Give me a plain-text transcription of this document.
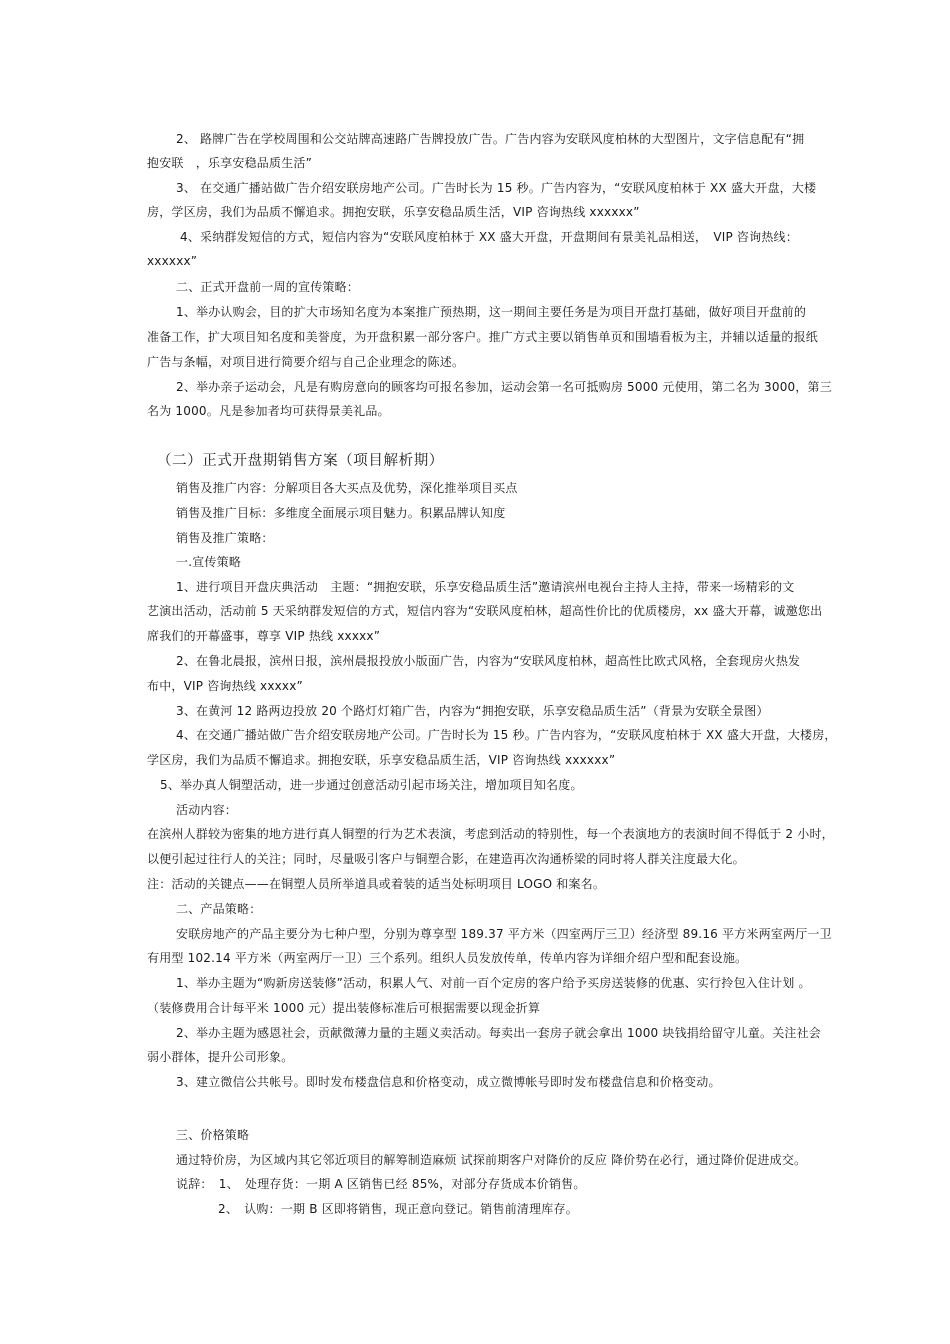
2、 路牌广告在学校周围和公交站牌高速路广告牌投放广告。广告内容为安联风度柏林的大型图片，文字信息配有“拥
抱安联　，乐享安稳品质生活”
3、 在交通广播站做广告介绍安联房地产公司。广告时长为 15 秒。广告内容为，“安联风度柏林于 XX 盛大开盘，大楼
房，学区房，我们为品质不懈追求。拥抱安联，乐享安稳品质生活，VIP 咨询热线 xxxxxx”
4、采纳群发短信的方式，短信内容为“安联风度柏林于 XX 盛大开盘，开盘期间有景美礼品相送，　VIP 咨询热线：
xxxxxx”
二、正式开盘前一周的宣传策略：
1、举办认购会，目的扩大市场知名度为本案推广预热期，这一期间主要任务是为项目开盘打基础，做好项目开盘前的
准备工作，扩大项目知名度和美誉度，为开盘积累一部分客户。推广方式主要以销售单页和围墙看板为主，并辅以适量的报纸
广告与条幅，对项目进行简要介绍与自己企业理念的陈述。
2、举办亲子运动会，凡是有购房意向的顾客均可报名参加，运动会第一名可抵购房 5000 元使用，第二名为 3000，第三
名为 1000。凡是参加者均可获得景美礼品。
（二）正式开盘期销售方案（项目解析期）
销售及推广内容：分解项目各大买点及优势，深化推举项目买点
销售及推广目标：多维度全面展示项目魅力。积累品牌认知度
销售及推广策略：
一.宣传策略
1、进行项目开盘庆典活动　主题：“拥抱安联，乐享安稳品质生活”邀请滨州电视台主持人主持，带来一场精彩的文
艺演出活动，活动前 5 天采纳群发短信的方式，短信内容为“安联风度柏林，超高性价比的优质楼房，xx 盛大开幕，诚邀您出
席我们的开幕盛事，尊享 VIP 热线 xxxxx”
2、在鲁北晨报，滨州日报，滨州晨报投放小版面广告，内容为“安联风度柏林，超高性比欧式风格，全套现房火热发
布中，VIP 咨询热线 xxxxx”
3、在黄河 12 路两边投放 20 个路灯灯箱广告，内容为“拥抱安联，乐享安稳品质生活”（背景为安联全景图）
4、在交通广播站做广告介绍安联房地产公司。广告时长为 15 秒。广告内容为，“安联风度柏林于 XX 盛大开盘，大楼房，
学区房，我们为品质不懈追求。拥抱安联，乐享安稳品质生活，VIP 咨询热线 xxxxxx”
5、举办真人铜塑活动，进一步通过创意活动引起市场关注，增加项目知名度。
活动内容：
在滨州人群较为密集的地方进行真人铜塑的行为艺术表演，考虑到活动的特别性，每一个表演地方的表演时间不得低于 2 小时，
以便引起过往行人的关注；同时，尽量吸引客户与铜塑合影，在建造再次沟通桥梁的同时将人群关注度最大化。
注：活动的关键点——在铜塑人员所举道具或着装的适当处标明项目 LOGO 和案名。
二、产品策略：
安联房地产的产品主要分为七种户型，分别为尊享型 189.37 平方米（四室两厅三卫）经济型 89.16 平方米两室两厅一卫
有用型 102.14 平方米（两室两厅一卫）三个系列。组织人员发放传单，传单内容为详细介绍户型和配套设施。
1、举办主题为“购新房送装修”活动，积累人气、对前一百个定房的客户给予买房送装修的优惠、实行拎包入住计划 。
（装修费用合计每平米 1000 元）提出装修标准后可根据需要以现金折算
2、举办主题为感恩社会，贡献微薄力量的主题义卖活动。每卖出一套房子就会拿出 1000 块钱捐给留守儿童。关注社会
弱小群体，提升公司形象。
3、建立微信公共帐号。即时发布楼盘信息和价格变动，成立微博帐号即时发布楼盘信息和价格变动。
三、价格策略
通过特价房，为区域内其它邻近项目的解筹制造麻烦 试探前期客户对降价的反应 降价势在必行，通过降价促进成交。
说辞：　1、　处理存货：一期 A 区销售已经 85%，对部分存货成本价销售。
2、　认购：一期 B 区即将销售，现正意向登记。销售前清理库存。
